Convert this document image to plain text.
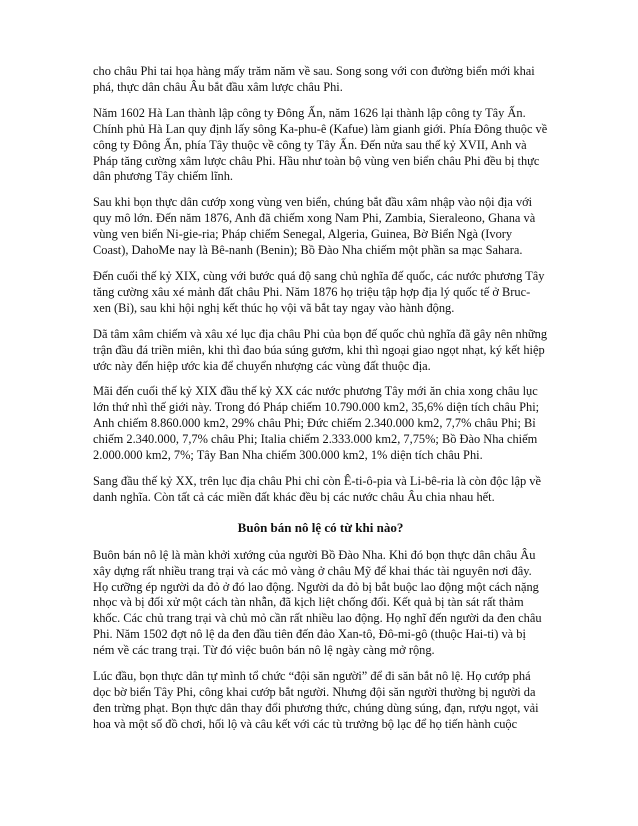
cho châu Phi tai họa hàng mấy trăm năm về sau. Song song với con đường biển mới khai phá, thực dân châu Âu bắt đầu xâm lược châu Phi.

Năm 1602 Hà Lan thành lập công ty Đông Ấn, năm 1626 lại thành lập công ty Tây Ấn. Chính phủ Hà Lan quy định lấy sông Ka-phu-ê (Kafue) làm gianh giới. Phía Đông thuộc về công ty Đông Ấn, phía Tây thuộc về công ty Tây Ấn. Đến nửa sau thế kỷ XVII, Anh và Pháp tăng cường xâm lược châu Phi. Hầu như toàn bộ vùng ven biển châu Phi đều bị thực dân phương Tây chiếm lĩnh.

Sau khi bọn thực dân cướp xong vùng ven biển, chúng bắt đầu xâm nhập vào nội địa với quy mô lớn. Đến năm 1876, Anh đã chiếm xong Nam Phi, Zambia, Sieraleono, Ghana và vùng ven biển Ni-gie-ria; Pháp chiếm Senegal, Algeria, Guinea, Bờ Biển Ngà (Ivory Coast), DahoMe nay là Bê-nanh (Benin); Bồ Đào Nha chiếm một phần sa mạc Sahara.

Đến cuối thế kỷ XIX, cùng với bước quá độ sang chủ nghĩa đế quốc, các nước phương Tây tăng cường xâu xé mảnh đất châu Phi. Năm 1876 họ triệu tập hợp địa lý quốc tế ở Bruc-xen (Bỉ), sau khi hội nghị kết thúc họ vội vã bắt tay ngay vào hành động.

Dã tâm xâm chiếm và xâu xé lục địa châu Phi của bọn đế quốc chủ nghĩa đã gây nên những trận đầu đá triền miên, khi thì đao búa súng gươm, khi thì ngoại giao ngọt nhạt, ký kết hiệp ước này đến hiệp ước kia để chuyển nhượng các vùng đất thuộc địa.

Mãi đến cuối thế kỷ XIX đầu thế kỷ XX các nước phương Tây mới ăn chia xong châu lục lớn thứ nhì thế giới này. Trong đó Pháp chiếm 10.790.000 km2, 35,6% diện tích châu Phi; Anh chiếm 8.860.000 km2, 29% châu Phi; Đức chiếm 2.340.000 km2, 7,7% châu Phi; Bỉ chiếm 2.340.000, 7,7% châu Phi; Italia chiếm 2.333.000 km2, 7,75%; Bồ Đào Nha chiếm 2.000.000 km2, 7%; Tây Ban Nha chiếm 300.000 km2, 1% diện tích châu Phi.

Sang đầu thế kỷ XX, trên lục địa châu Phi chỉ còn Ê-ti-ô-pia và Li-bê-ria là còn độc lập về danh nghĩa. Còn tất cả các miền đất khác đều bị các nước châu Âu chia nhau hết.

Buôn bán nô lệ có từ khi nào?

Buôn bán nô lệ là màn khởi xướng của người Bồ Đào Nha. Khi đó bọn thực dân châu Âu xây dựng rất nhiều trang trại và các mỏ vàng ở châu Mỹ để khai thác tài nguyên nơi đây. Họ cưỡng ép người da đỏ ở đó lao động. Người da đỏ bị bắt buộc lao động một cách nặng nhọc và bị đối xử một cách tàn nhẫn, đã kịch liệt chống đối. Kết quả bị tàn sát rất thảm khốc. Các chủ trang trại và chủ mỏ cần rất nhiều lao động. Họ nghĩ đến người da đen châu Phi. Năm 1502 đợt nô lệ da đen đầu tiên đến đảo Xan-tô, Đô-mi-gô (thuộc Hai-ti) và bị ném về các trang trại. Từ đó việc buôn bán nô lệ ngày càng mở rộng.

Lúc đầu, bọn thực dân tự mình tổ chức “đội săn người” để đi săn bắt nô lệ. Họ cướp phá dọc bờ biển Tây Phi, công khai cướp bắt người. Nhưng đội săn người thường bị người da đen trừng phạt. Bọn thực dân thay đổi phương thức, chúng dùng súng, đạn, rượu ngọt, vải hoa và một số đồ chơi, hối lộ và câu kết với các tù trưởng bộ lạc để họ tiến hành cuộc
